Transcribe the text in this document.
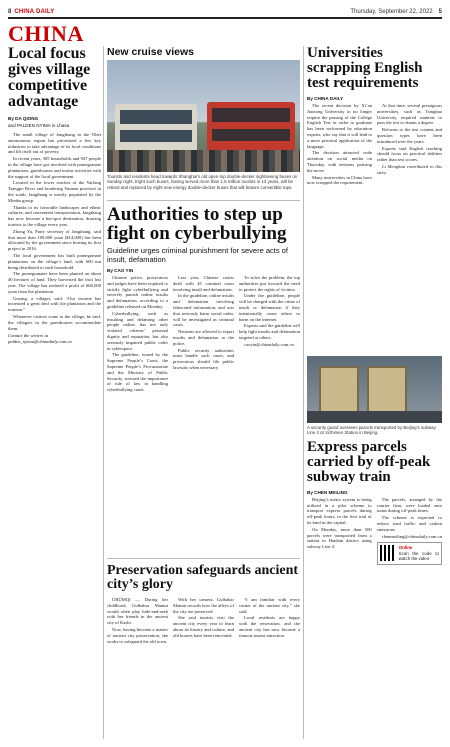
8 CHINA DAILY	Thursday, September 22, 2022 5
CHINA
Local focus gives village competitive advantage
By DA QIONG
and PALDEN NYIMA in Lhasa

The small village of Jangthang in the Tibet autonomous region has prioritized a few key industries to take advantage of its local conditions and lift itself out of poverty.

In recent years, 305 households and 947 people in the village have got involved with pomegranate plantations, guesthouses and tourist activities with the support of the local government.

Located in the lower reaches of the Yarlung Tsangpo River and bordering Yunnan province in the south, Jangthang is mostly populated by the Monba group.

Thanks to its favorable landscapes and ethnic cultures, and convenient transportation, Jangthang has now become a hot-spot destination, drawing tourists to the village every year.

Zhong Yu, Party secretary of Jangthang, said that more than 100,000 yuan ($14,000) has been allocated by the government since hosting its first project in 2016.

The local government has built pomegranate plantations on the village’s land, with 600 mu being distributed to each household.

The pomegranates have been planted on about 40 hectares of land. They harvested the fruit last year. The village has realized a profit of 660,000 yuan from the plantation.

Gesang, a villager, said: “Our income has increased a great deal with the plantation and the tourism.”

Whenever visitors come to the village, he said, the villagers in the guesthouses accommodate them.

Contact the writers at palden_nyima@chinadaily.com.cn
New cruise views
Tourists and residents head towards Shanghai’s old open-top double-decker sightseeing buses on Sunday night. Eight such buses, having served more than 1.5 million tourists in 13 years, will be retired and replaced by eight new energy double-decker buses that will feature convertible tops.
Authorities to step up fight on cyberbullying
Guideline urges criminal punishment for severe acts of insult, defamation
By CAO YIN

Chinese police, prosecutors and judges have been required to strictly fight cyberbullying and severely punish online insults and defamation, according to a guideline released on Monday.

Cyberbullying, such as insulting and defaming other people online, has not only violated citizens’ personal dignity and reputation, but also seriously impaired public order in cyberspace.

The guideline, issued by the Supreme People’s Court, the Supreme People’s Procuratorate and the Ministry of Public Security, stressed the importance of rule of law in handling cyberbullying cases.

Last year, Chinese courts dealt with 45 criminal cases involving insult and defamation.

In the guideline, online insults and defamation involving fabricated information, and acts that seriously harm social order, will be investigated as criminal cases.

Netizens are allowed to report insults and defamation to the police.

Public security authorities must handle such cases, and prosecutors should file public lawsuits when necessary.

To solve the problem, the top authorities put forward the need to protect the rights of victims.

Under the guideline, people will be charged with the crime of insult or defamation if they intentionally cause others to harm on the internet.

Experts said the guideline will help fight insults and defamation targeted at others.

caoyin@chinadaily.com.cn

Preservation safeguards ancient city’s glory

ÜRÜMQI — During her childhood, Gulbahar Mamut would often play hide-and-seek with her friends in the ancient city of Kashi.

Now, having become a master of ancient city preservation, she works to safeguard the old town.

With her camera, Gulbahar Mamut records how the alleys of the city are preserved.

She said tourists visit the ancient city every year to learn about its history and culture, and old houses have been renovated.

“I am familiar with every corner of the ancient city,” she said.

Local residents are happy with the renovation, and the ancient city has now become a famous tourist attraction.

Universities scrapping English test requirements
By CHINA DAILY

The recent decision by Xi’an Jiaotong University to no longer require the passing of the College English Test in order to graduate has been welcomed by education experts, who say that it will lead to a more practical application of the language.

The decision attracted wide attention on social media on Thursday, with netizens praising the move.

Many universities in China have now scrapped the requirement.

At that time, several prestigious universities, such as Tsinghua University, required students to pass the test to obtain a degree.

Reforms to the test content and question types have been introduced over the years.

Experts said English teaching should focus on practical abilities rather than test scores.

Li Menghan contributed to this story.

A security guard oversees parcels transported by Beijing’s subway Line 4 at Xizhimen Station in Beijing.
Express parcels carried by off-peak subway train
By CHEN MEILING

Beijing’s metro system is being utilized in a pilot scheme to transport express parcels during off-peak hours, in the first trial of its kind in the capital.

On Monday, more than 500 parcels were transported from a station in Haidian district using subway Line 4.

The parcels, arranged by the courier firm, were loaded onto trains during off-peak times.

The scheme is expected to reduce road traffic and carbon emissions.

chenmeiling@chinadaily.com.cn

Online
Scan the code to watch the video
